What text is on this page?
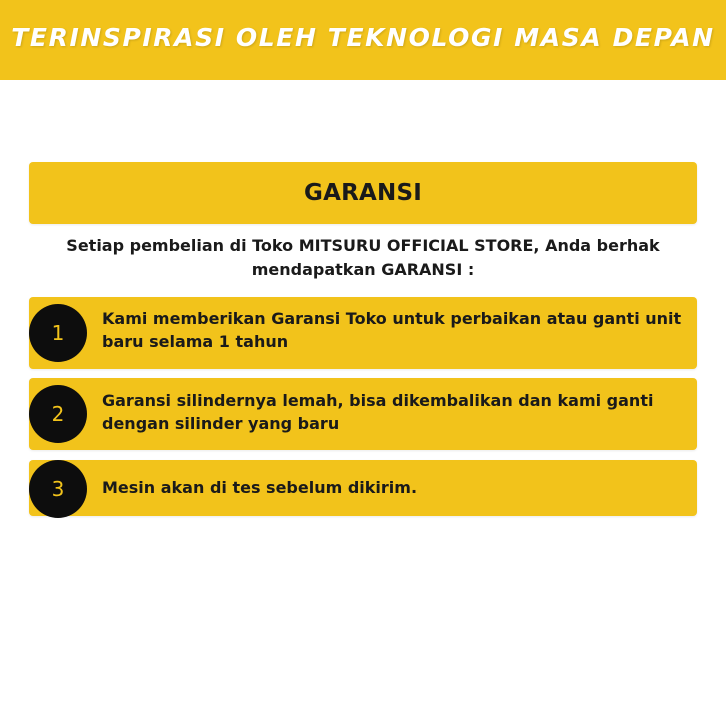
TERINSPIRASI OLEH TEKNOLOGI MASA DEPAN
GARANSI
Setiap pembelian di Toko MITSURU OFFICIAL STORE, Anda berhak mendapatkan GARANSI :
1
Kami memberikan Garansi Toko untuk perbaikan atau ganti unit baru selama 1 tahun
2
Garansi silindernya lemah, bisa dikembalikan dan kami ganti dengan silinder yang baru
3	Mesin akan di tes sebelum dikirim.
